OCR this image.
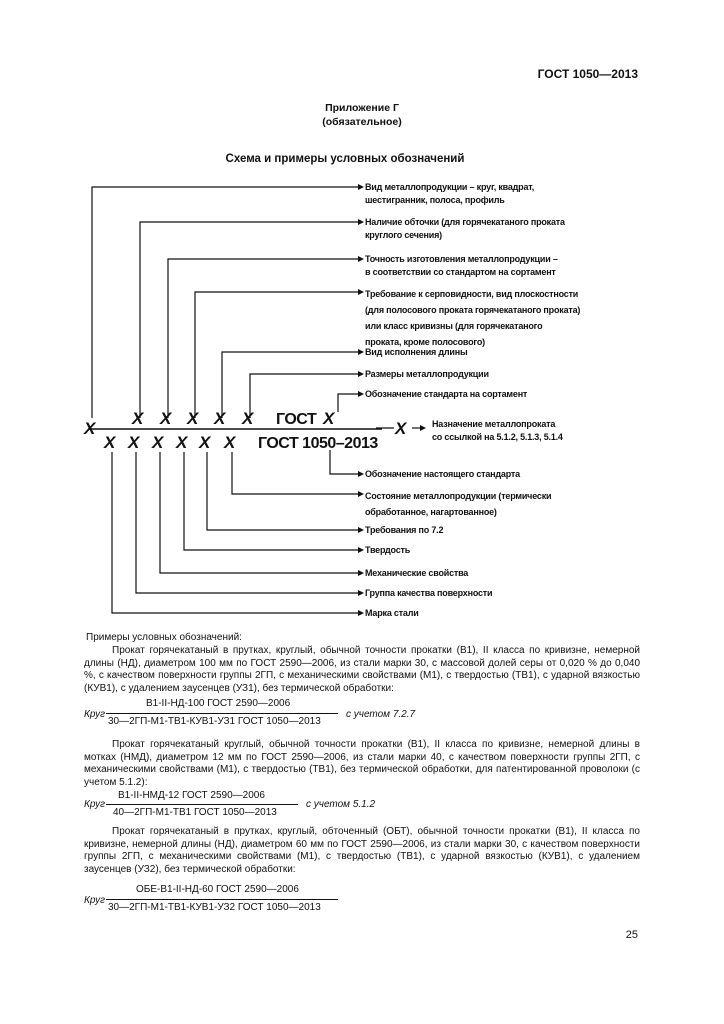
ГОСТ 1050—2013
Приложение Г
(обязательное)
Схема и примеры условных обозначений
X
X X X X X ГОСТ X
X
X X X X X X ГОСТ 1050–2013
Вид металлопродукции – круг, квадрат,
шестигранник, полоса, профиль
Наличие обточки (для горячекатаного проката
круглого сечения)
Точность изготовления металлопродукции –
в соответствии со стандартом на сортамент
Требование к серповидности, вид плоскостности
(для полосового проката горячекатаного проката)
или класс кривизны (для горячекатаного
проката, кроме полосового)
Вид исполнения длины
Размеры металлопродукции
Обозначение стандарта на сортамент
Назначение металлопроката
со ссылкой на 5.1.2, 5.1.3, 5.1.4
Обозначение настоящего стандарта
Состояние металлопродукции (термически
обработанное, нагартованное)
Требования по 7.2
Твердость
Механические свойства
Группа качества поверхности
Марка стали
Примеры условных обозначений:
Прокат горячекатаный в прутках, круглый, обычной точности прокатки (В1), II класса по кривизне, немерной длины (НД), диаметром 100 мм по ГОСТ 2590—2006, из стали марки 30, с массовой долей серы от 0,020 % до 0,040 %, с качеством поверхности группы 2ГП, с механическими свойствами (М1), с твердостью (ТВ1), с ударной вязкостью (КУВ1), с удалением заусенцев (УЗ1), без термической обработки:
Круг
В1-II-НД-100 ГОСТ 2590—2006
30—2ГП-М1-ТВ1-КУВ1-УЗ1 ГОСТ 1050—2013
с учетом 7.2.7
Прокат горячекатаный круглый, обычной точности прокатки (В1), II класса по кривизне, немерной длины в мотках (НМД), диаметром 12 мм по ГОСТ 2590—2006, из стали марки 40, с качеством поверхности группы 2ГП, с механическими свойствами (М1), с твердостью (ТВ1), без термической обработки, для патентированной проволоки (с учетом 5.1.2):
Круг
В1-II-НМД-12 ГОСТ 2590—2006
40—2ГП-М1-ТВ1 ГОСТ 1050—2013
с учетом 5.1.2
Прокат горячекатаный в прутках, круглый, обточенный (ОБТ), обычной точности прокатки (В1), II класса по кривизне, немерной длины (НД), диаметром 60 мм по ГОСТ 2590—2006, из стали марки 30, с качеством поверхности группы 2ГП, с механическими свойствами (М1), с твердостью (ТВ1), с ударной вязкостью (КУВ1), с удалением заусенцев (УЗ2), без термической обработки:
Круг
ОБЕ-В1-II-НД-60 ГОСТ 2590—2006
30—2ГП-М1-ТВ1-КУВ1-УЗ2 ГОСТ 1050—2013
25
